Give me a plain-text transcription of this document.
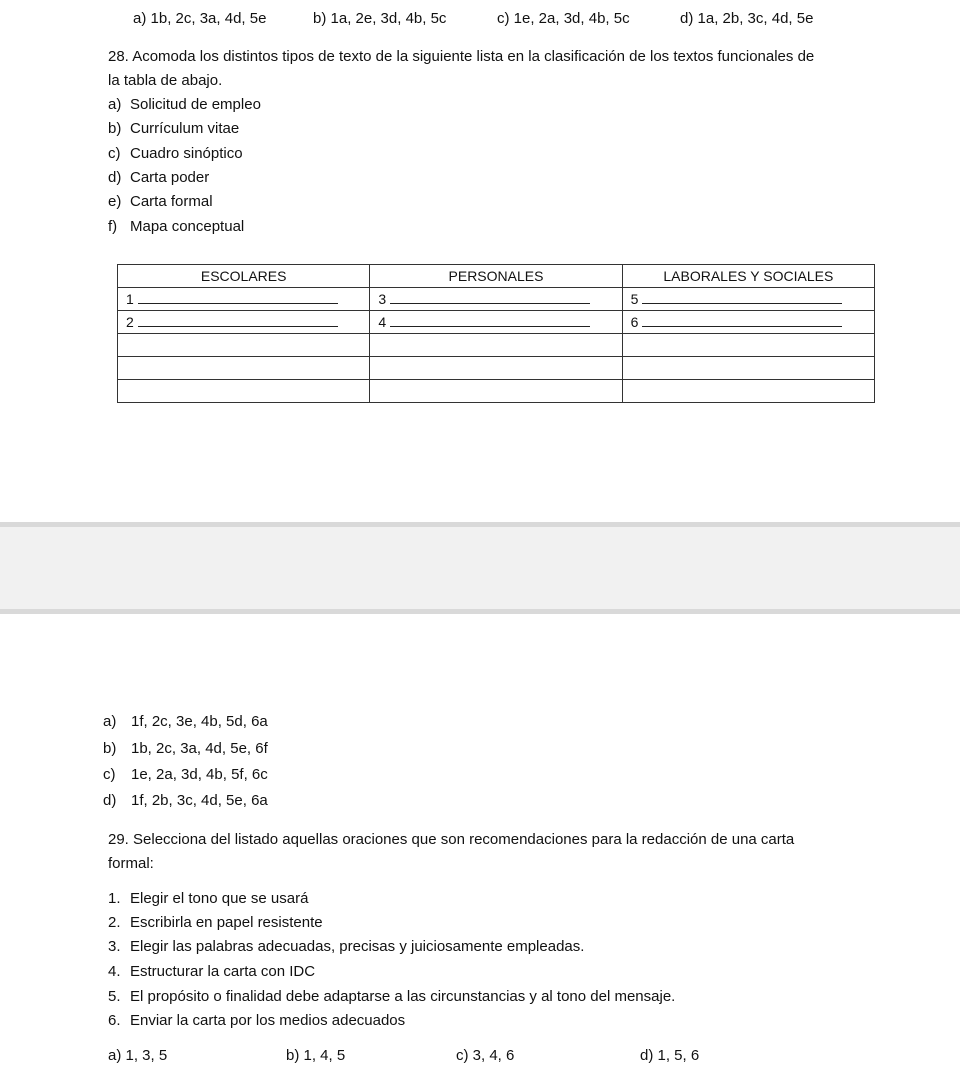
a) 1b, 2c, 3a, 4d, 5e	b) 1a, 2e, 3d, 4b, 5c	c) 1e, 2a, 3d, 4b, 5c	d) 1a, 2b, 3c, 4d, 5e
28. Acomoda los distintos tipos de texto de la siguiente lista en la clasificación de los textos funcionales de
la tabla de abajo.
a) Solicitud de empleo
b) Currículum vitae
c) Cuadro sinóptico
d) Carta poder
e) Carta formal
f) Mapa conceptual
ESCOLARES	PERSONALES	LABORALES Y SOCIALES
1	3	5
2	4	6

a) 1f, 2c, 3e, 4b, 5d, 6a
b) 1b, 2c, 3a, 4d, 5e, 6f
c) 1e, 2a, 3d, 4b, 5f, 6c
d) 1f, 2b, 3c, 4d, 5e, 6a
29. Selecciona del listado aquellas oraciones que son recomendaciones para la redacción de una carta
formal:
1. Elegir el tono que se usará
2. Escribirla en papel resistente
3. Elegir las palabras adecuadas, precisas y juiciosamente empleadas.
4. Estructurar la carta con IDC
5. El propósito o finalidad debe adaptarse a las circunstancias y al tono del mensaje.
6. Enviar la carta por los medios adecuados
a) 1, 3, 5	b) 1, 4, 5	c) 3, 4, 6	d) 1, 5, 6
